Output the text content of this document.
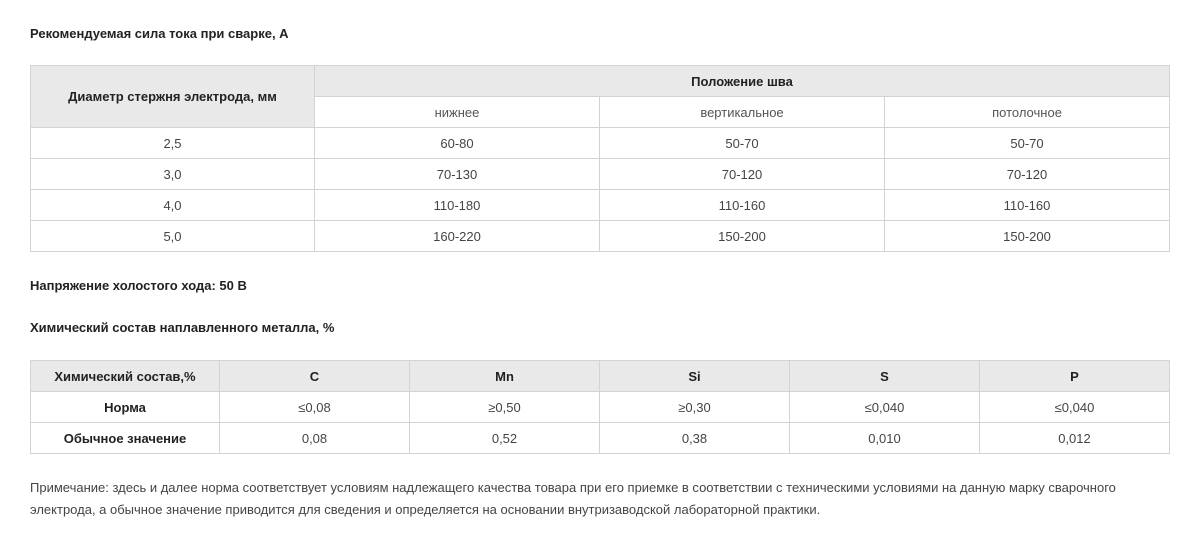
Рекомендуемая сила тока при сварке, А

Диаметр стержня электрода, мм	Положение шва		
	нижнее	вертикальное	потолочное
2,5	60-80	50-70	50-70
3,0	70-130	70-120	70-120
4,0	110-180	110-160	110-160
5,0	160-220	150-200	150-200

Напряжение холостого хода: 50 В

Химический состав наплавленного металла, %

Химический состав,%	C	Mn	Si	S	P
Норма	≤0,08	≥0,50	≥0,30	≤0,040	≤0,040
Обычное значение	0,08	0,52	0,38	0,010	0,012

Примечание: здесь и далее норма соответствует условиям надлежащего качества товара при его приемке в соответствии с техническими условиями на данную марку сварочного электрода, а обычное значение приводится для сведения и определяется на основании внутризаводской лабораторной практики.
